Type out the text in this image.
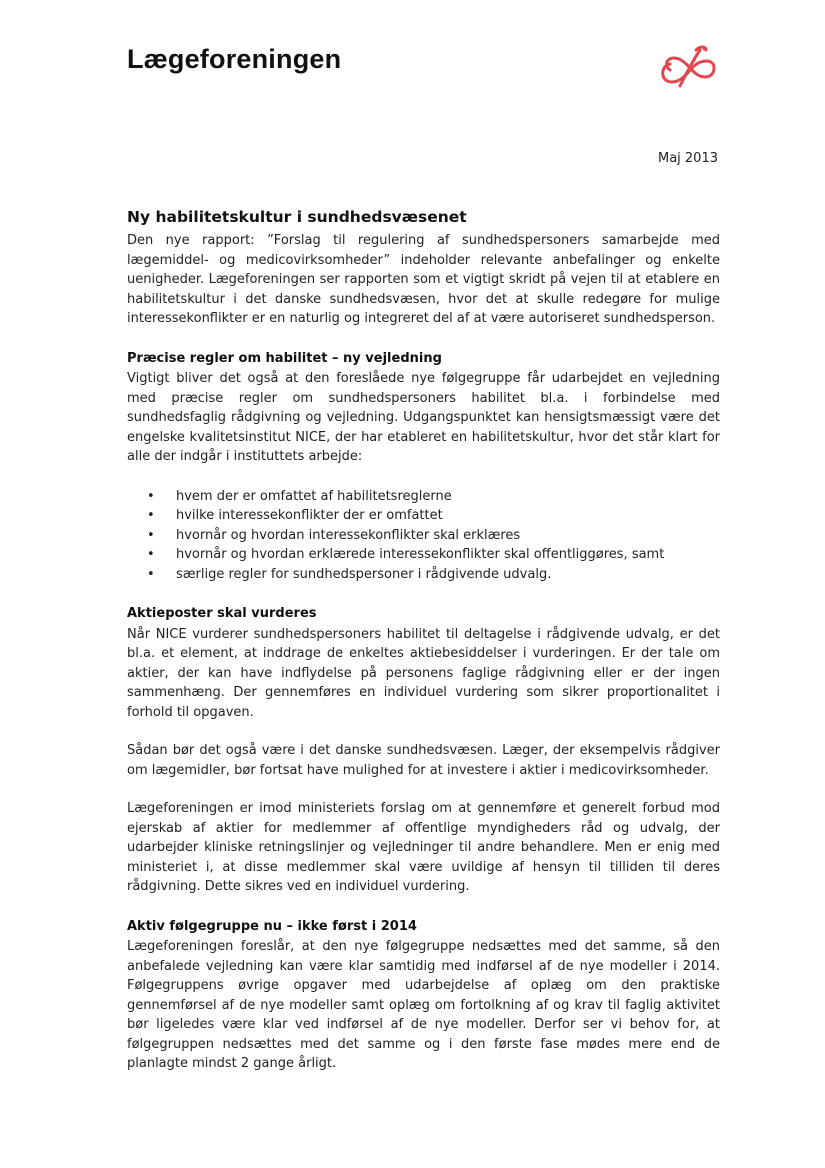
Lægeforeningen
Maj 2013
Ny habilitetskultur i sundhedsvæsenet

Den nye rapport: ”Forslag til regulering af sundhedspersoners samarbejde med lægemiddel- og medicovirksomheder” indeholder relevante anbefalinger og enkelte uenigheder. Lægeforeningen ser rapporten som et vigtigt skridt på vejen til at etablere en habilitetskultur i det danske sundhedsvæsen, hvor det at skulle redegøre for mulige interessekonflikter er en naturlig og integreret del af at være autoriseret sundhedsperson.

Præcise regler om habilitet – ny vejledning

Vigtigt bliver det også at den foreslåede nye følgegruppe får udarbejdet en vejledning med præcise regler om sundhedspersoners habilitet bl.a. i forbindelse med sundhedsfaglig rådgivning og vejledning. Udgangspunktet kan hensigtsmæssigt være det engelske kvalitetsinstitut NICE, der har etableret en habilitetskultur, hvor det står klart for alle der indgår i instituttets arbejde:

• hvem der er omfattet af habilitetsreglerne
• hvilke interessekonflikter der er omfattet
• hvornår og hvordan interessekonflikter skal erklæres
• hvornår og hvordan erklærede interessekonflikter skal offentliggøres, samt
• særlige regler for sundhedspersoner i rådgivende udvalg.
Aktieposter skal vurderes

Når NICE vurderer sundhedspersoners habilitet til deltagelse i rådgivende udvalg, er det bl.a. et element, at inddrage de enkeltes aktiebesiddelser i vurderingen. Er der tale om aktier, der kan have indflydelse på personens faglige rådgivning eller er der ingen sammenhæng. Der gennemføres en individuel vurdering som sikrer proportionalitet i forhold til opgaven.

Sådan bør det også være i det danske sundhedsvæsen. Læger, der eksempelvis rådgiver om lægemidler, bør fortsat have mulighed for at investere i aktier i medicovirksomheder.

Lægeforeningen er imod ministeriets forslag om at gennemføre et generelt forbud mod ejerskab af aktier for medlemmer af offentlige myndigheders råd og udvalg, der udarbejder kliniske retningslinjer og vejledninger til andre behandlere. Men er enig med ministeriet i, at disse medlemmer skal være uvildige af hensyn til tilliden til deres rådgivning. Dette sikres ved en individuel vurdering.

Aktiv følgegruppe nu – ikke først i 2014

Lægeforeningen foreslår, at den nye følgegruppe nedsættes med det samme, så den anbefalede vejledning kan være klar samtidig med indførsel af de nye modeller i 2014. Følgegruppens øvrige opgaver med udarbejdelse af oplæg om den praktiske gennemførsel af de nye modeller samt oplæg om fortolkning af og krav til faglig aktivitet bør ligeledes være klar ved indførsel af de nye modeller. Derfor ser vi behov for, at følgegruppen nedsættes med det samme og i den første fase mødes mere end de planlagte mindst 2 gange årligt.
